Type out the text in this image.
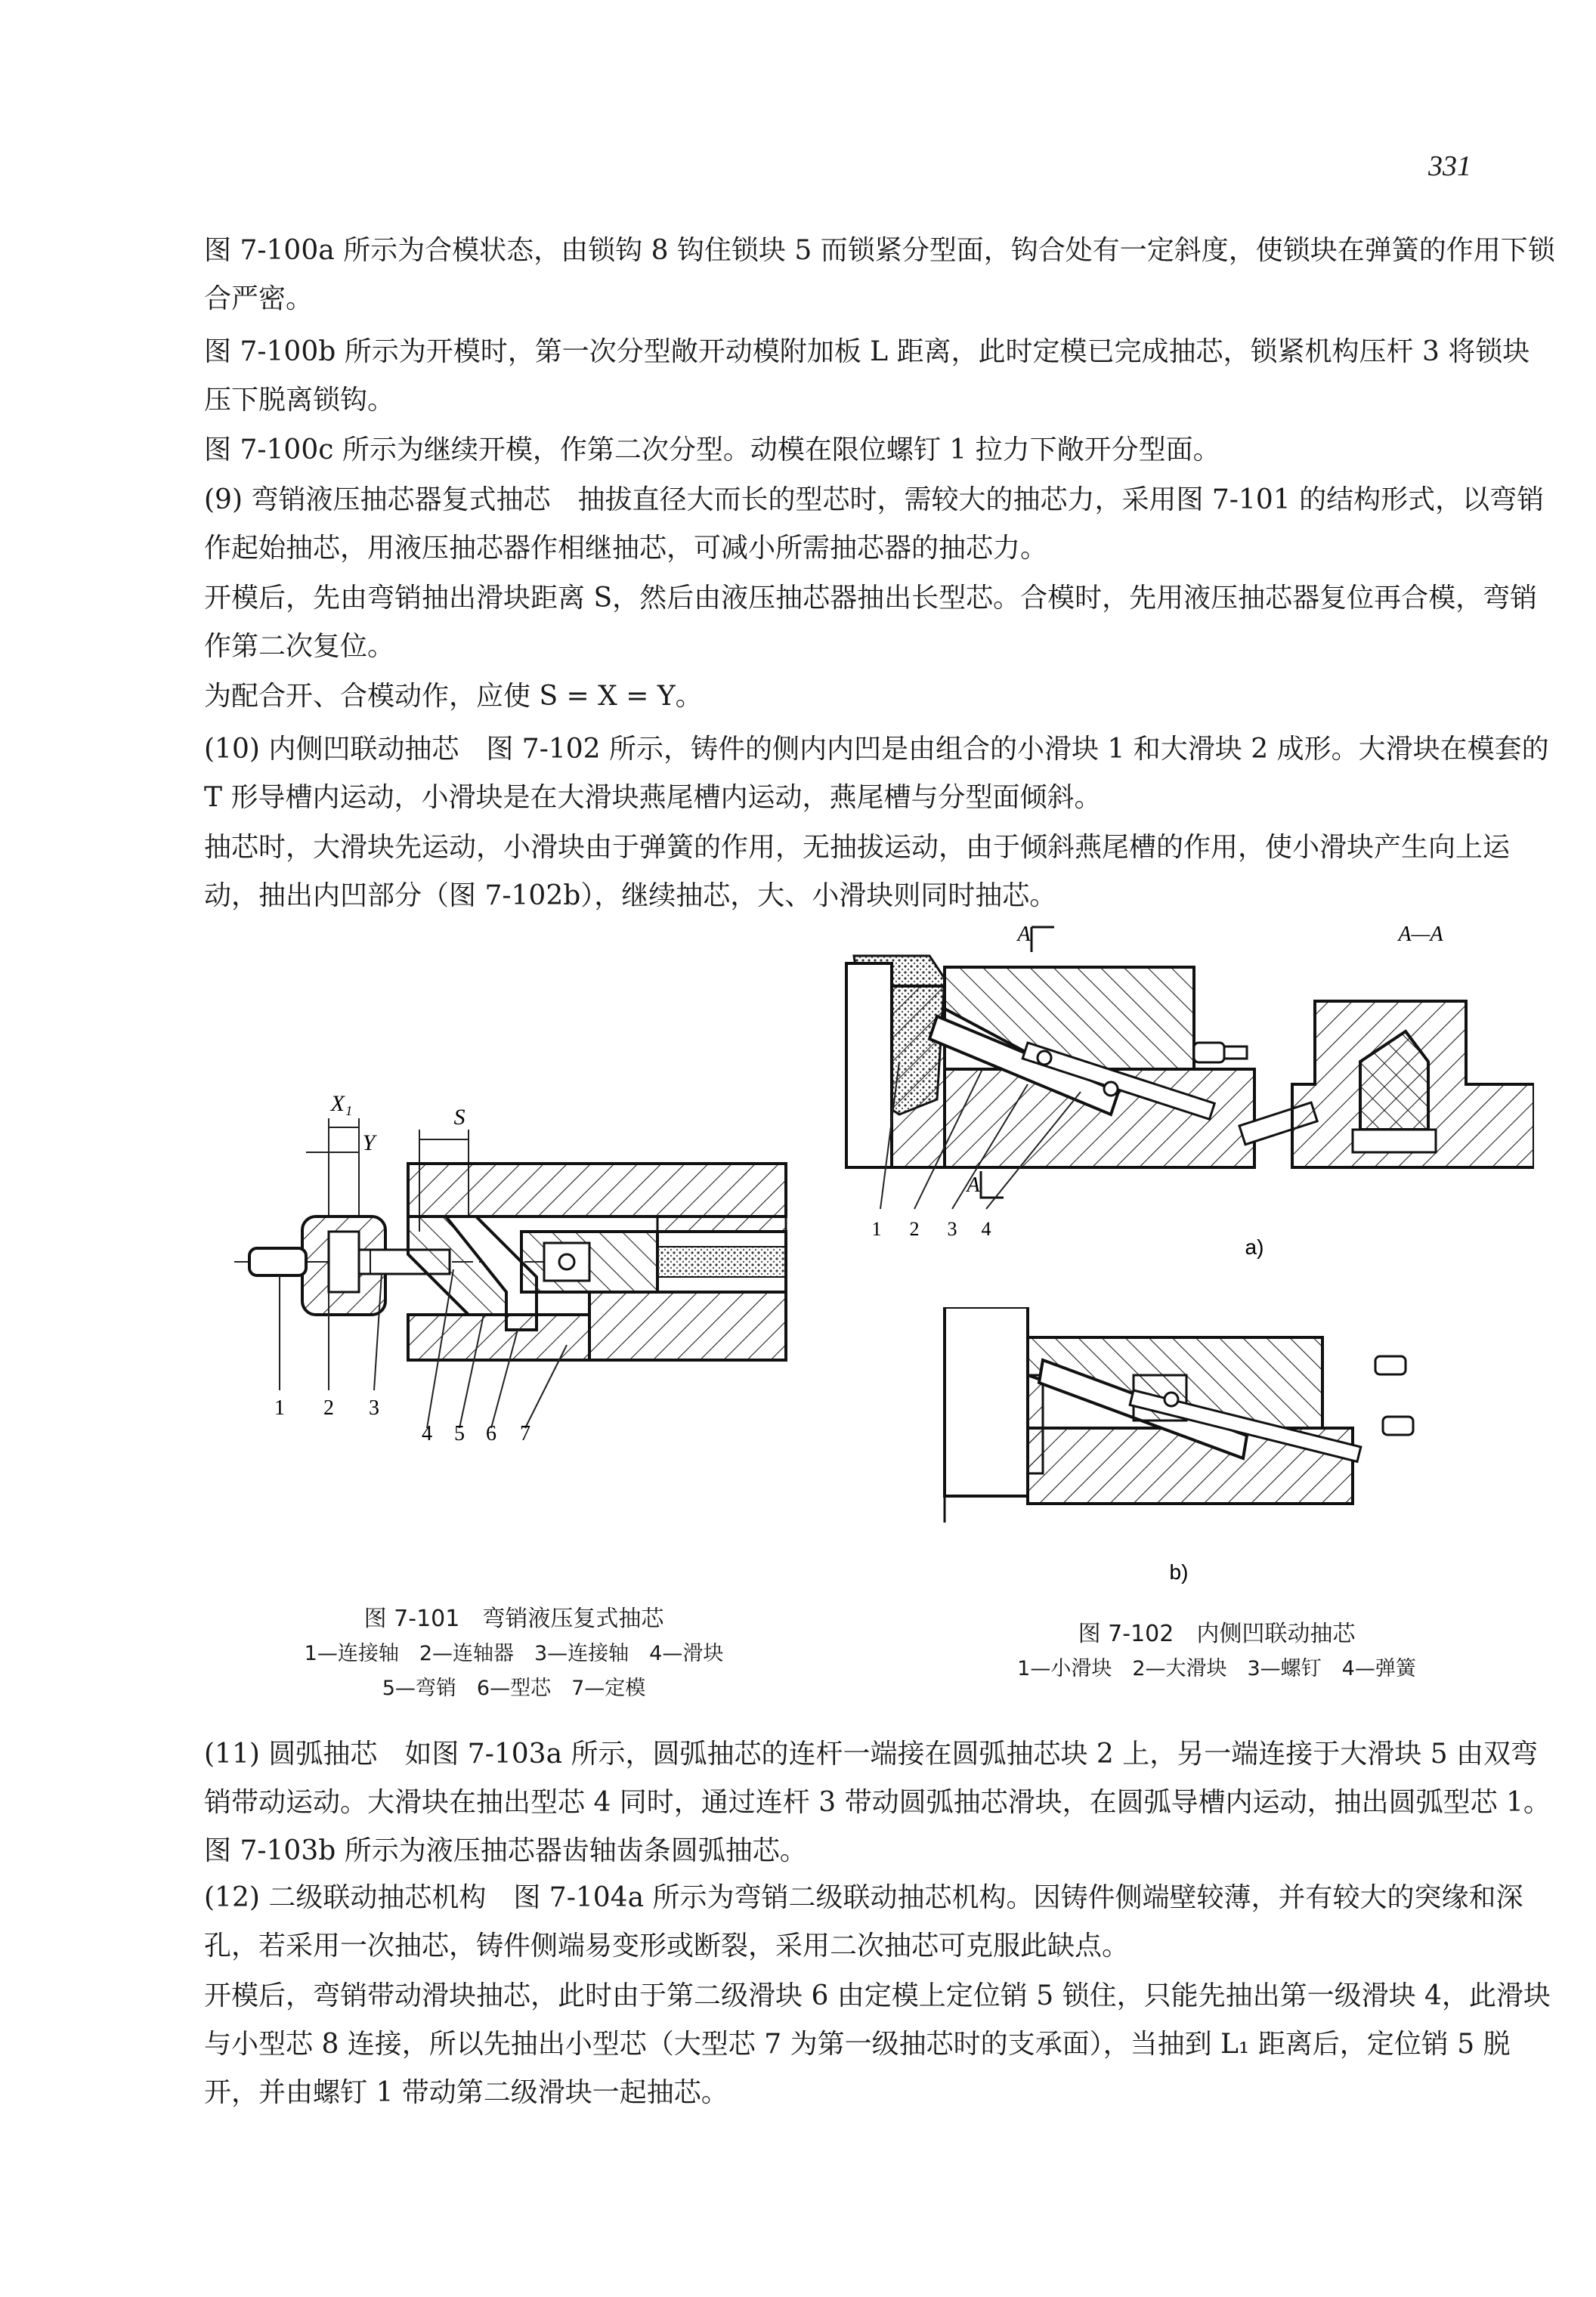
331

图 7-100a 所示为合模状态，由锁钩 8 钩住锁块 5 而锁紧分型面，钩合处有一定斜度，使锁块在弹簧的作用下锁合严密。

图 7-100b 所示为开模时，第一次分型敞开动模附加板 L 距离，此时定模已完成抽芯，锁紧机构压杆 3 将锁块压下脱离锁钩。

图 7-100c 所示为继续开模，作第二次分型。动模在限位螺钉 1 拉力下敞开分型面。

(9) 弯销液压抽芯器复式抽芯　抽拔直径大而长的型芯时，需较大的抽芯力，采用图 7-101 的结构形式，以弯销作起始抽芯，用液压抽芯器作相继抽芯，可减小所需抽芯器的抽芯力。

开模后，先由弯销抽出滑块距离 S，然后由液压抽芯器抽出长型芯。合模时，先用液压抽芯器复位再合模，弯销作第二次复位。

为配合开、合模动作，应使 S = X = Y。

(10) 内侧凹联动抽芯　图 7-102 所示，铸件的侧内内凹是由组合的小滑块 1 和大滑块 2 成形。大滑块在模套的 T 形导槽内运动，小滑块是在大滑块燕尾槽内运动，燕尾槽与分型面倾斜。

抽芯时，大滑块先运动，小滑块由于弹簧的作用，无抽拔运动，由于倾斜燕尾槽的作用，使小滑块产生向上运动，抽出内凹部分（图 7-102b），继续抽芯，大、小滑块则同时抽芯。

X₁
Y
S
1 2 3
4 5 6 7
A	A—A
A
1 2 3 4
a)
b)
图 7-101　弯销液压复式抽芯
1—连接轴　2—连轴器　3—连接轴　4—滑块
5—弯销　6—型芯　7—定模
图 7-102　内侧凹联动抽芯
1—小滑块　2—大滑块　3—螺钉　4—弹簧

(11) 圆弧抽芯　如图 7-103a 所示，圆弧抽芯的连杆一端接在圆弧抽芯块 2 上，另一端连接于大滑块 5 由双弯销带动运动。大滑块在抽出型芯 4 同时，通过连杆 3 带动圆弧抽芯滑块，在圆弧导槽内运动，抽出圆弧型芯 1。图 7-103b 所示为液压抽芯器齿轴齿条圆弧抽芯。

(12) 二级联动抽芯机构　图 7-104a 所示为弯销二级联动抽芯机构。因铸件侧端壁较薄，并有较大的突缘和深孔，若采用一次抽芯，铸件侧端易变形或断裂，采用二次抽芯可克服此缺点。

开模后，弯销带动滑块抽芯，此时由于第二级滑块 6 由定模上定位销 5 锁住，只能先抽出第一级滑块 4，此滑块与小型芯 8 连接，所以先抽出小型芯（大型芯 7 为第一级抽芯时的支承面），当抽到 L₁ 距离后，定位销 5 脱开，并由螺钉 1 带动第二级滑块一起抽芯。
